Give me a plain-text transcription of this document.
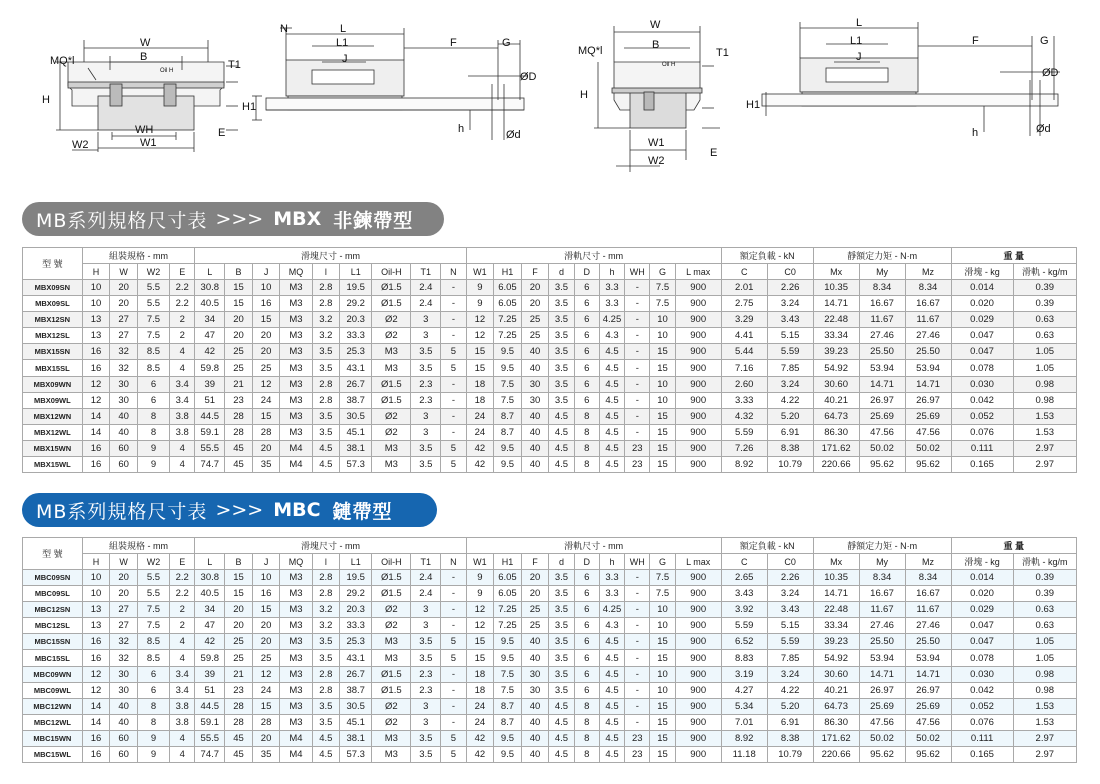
W
B
MQ*l	T1
Oil H
H
WH	E
W2	W1
N	L
L1
J
F	G
ØD
H1
h	Ød
W
B
MQ*l	T1
Oil H
H
W1
W2
E
L
L1
J
F	G
ØD
H1
h	Ød
MB系列規格尺寸表 >>> MBX 非鍊帶型
型 號	組裝規格 - mm				滑塊尺寸 - mm									滑軌尺寸 - mm									額定負載 - kN		靜額定力矩 - N·m			重 量	
	H	W	W2	E	L	B	J	MQ	l	L1	Oil-H	T1	N	W1	H1	F	d	D	h	WH	G	L max	C	C0	Mx	My	Mz	滑塊 - kg	滑軌 - kg/m
MBX09SN	10	20	5.5	2.2	30.8	15	10	M3	2.8	19.5	Ø1.5	2.4	-	9	6.05	20	3.5	6	3.3	-	7.5	900	2.01	2.26	10.35	8.34	8.34	0.014	0.39
MBX09SL	10	20	5.5	2.2	40.5	15	16	M3	2.8	29.2	Ø1.5	2.4	-	9	6.05	20	3.5	6	3.3	-	7.5	900	2.75	3.24	14.71	16.67	16.67	0.020	0.39
MBX12SN	13	27	7.5	2	34	20	15	M3	3.2	20.3	Ø2	3	-	12	7.25	25	3.5	6	4.25	-	10	900	3.29	3.43	22.48	11.67	11.67	0.029	0.63
MBX12SL	13	27	7.5	2	47	20	20	M3	3.2	33.3	Ø2	3	-	12	7.25	25	3.5	6	4.3	-	10	900	4.41	5.15	33.34	27.46	27.46	0.047	0.63
MBX15SN	16	32	8.5	4	42	25	20	M3	3.5	25.3	M3	3.5	5	15	9.5	40	3.5	6	4.5	-	15	900	5.44	5.59	39.23	25.50	25.50	0.047	1.05
MBX15SL	16	32	8.5	4	59.8	25	25	M3	3.5	43.1	M3	3.5	5	15	9.5	40	3.5	6	4.5	-	15	900	7.16	7.85	54.92	53.94	53.94	0.078	1.05
MBX09WN	12	30	6	3.4	39	21	12	M3	2.8	26.7	Ø1.5	2.3	-	18	7.5	30	3.5	6	4.5	-	10	900	2.60	3.24	30.60	14.71	14.71	0.030	0.98
MBX09WL	12	30	6	3.4	51	23	24	M3	2.8	38.7	Ø1.5	2.3	-	18	7.5	30	3.5	6	4.5	-	10	900	3.33	4.22	40.21	26.97	26.97	0.042	0.98
MBX12WN	14	40	8	3.8	44.5	28	15	M3	3.5	30.5	Ø2	3	-	24	8.7	40	4.5	8	4.5	-	15	900	4.32	5.20	64.73	25.69	25.69	0.052	1.53
MBX12WL	14	40	8	3.8	59.1	28	28	M3	3.5	45.1	Ø2	3	-	24	8.7	40	4.5	8	4.5	-	15	900	5.59	6.91	86.30	47.56	47.56	0.076	1.53
MBX15WN	16	60	9	4	55.5	45	20	M4	4.5	38.1	M3	3.5	5	42	9.5	40	4.5	8	4.5	23	15	900	7.26	8.38	171.62	50.02	50.02	0.111	2.97
MBX15WL	16	60	9	4	74.7	45	35	M4	4.5	57.3	M3	3.5	5	42	9.5	40	4.5	8	4.5	23	15	900	8.92	10.79	220.66	95.62	95.62	0.165	2.97
MB系列規格尺寸表 >>> MBC 鏈帶型
型 號	組裝規格 - mm				滑塊尺寸 - mm									滑軌尺寸 - mm									額定負載 - kN		靜額定力矩 - N·m			重 量	
	H	W	W2	E	L	B	J	MQ	l	L1	Oil-H	T1	N	W1	H1	F	d	D	h	WH	G	L max	C	C0	Mx	My	Mz	滑塊 - kg	滑軌 - kg/m
MBC09SN	10	20	5.5	2.2	30.8	15	10	M3	2.8	19.5	Ø1.5	2.4	-	9	6.05	20	3.5	6	3.3	-	7.5	900	2.65	2.26	10.35	8.34	8.34	0.014	0.39
MBC09SL	10	20	5.5	2.2	40.5	15	16	M3	2.8	29.2	Ø1.5	2.4	-	9	6.05	20	3.5	6	3.3	-	7.5	900	3.43	3.24	14.71	16.67	16.67	0.020	0.39
MBC12SN	13	27	7.5	2	34	20	15	M3	3.2	20.3	Ø2	3	-	12	7.25	25	3.5	6	4.25	-	10	900	3.92	3.43	22.48	11.67	11.67	0.029	0.63
MBC12SL	13	27	7.5	2	47	20	20	M3	3.2	33.3	Ø2	3	-	12	7.25	25	3.5	6	4.3	-	10	900	5.59	5.15	33.34	27.46	27.46	0.047	0.63
MBC15SN	16	32	8.5	4	42	25	20	M3	3.5	25.3	M3	3.5	5	15	9.5	40	3.5	6	4.5	-	15	900	6.52	5.59	39.23	25.50	25.50	0.047	1.05
MBC15SL	16	32	8.5	4	59.8	25	25	M3	3.5	43.1	M3	3.5	5	15	9.5	40	3.5	6	4.5	-	15	900	8.83	7.85	54.92	53.94	53.94	0.078	1.05
MBC09WN	12	30	6	3.4	39	21	12	M3	2.8	26.7	Ø1.5	2.3	-	18	7.5	30	3.5	6	4.5	-	10	900	3.19	3.24	30.60	14.71	14.71	0.030	0.98
MBC09WL	12	30	6	3.4	51	23	24	M3	2.8	38.7	Ø1.5	2.3	-	18	7.5	30	3.5	6	4.5	-	10	900	4.27	4.22	40.21	26.97	26.97	0.042	0.98
MBC12WN	14	40	8	3.8	44.5	28	15	M3	3.5	30.5	Ø2	3	-	24	8.7	40	4.5	8	4.5	-	15	900	5.34	5.20	64.73	25.69	25.69	0.052	1.53
MBC12WL	14	40	8	3.8	59.1	28	28	M3	3.5	45.1	Ø2	3	-	24	8.7	40	4.5	8	4.5	-	15	900	7.01	6.91	86.30	47.56	47.56	0.076	1.53
MBC15WN	16	60	9	4	55.5	45	20	M4	4.5	38.1	M3	3.5	5	42	9.5	40	4.5	8	4.5	23	15	900	8.92	8.38	171.62	50.02	50.02	0.111	2.97
MBC15WL	16	60	9	4	74.7	45	35	M4	4.5	57.3	M3	3.5	5	42	9.5	40	4.5	8	4.5	23	15	900	11.18	10.79	220.66	95.62	95.62	0.165	2.97
